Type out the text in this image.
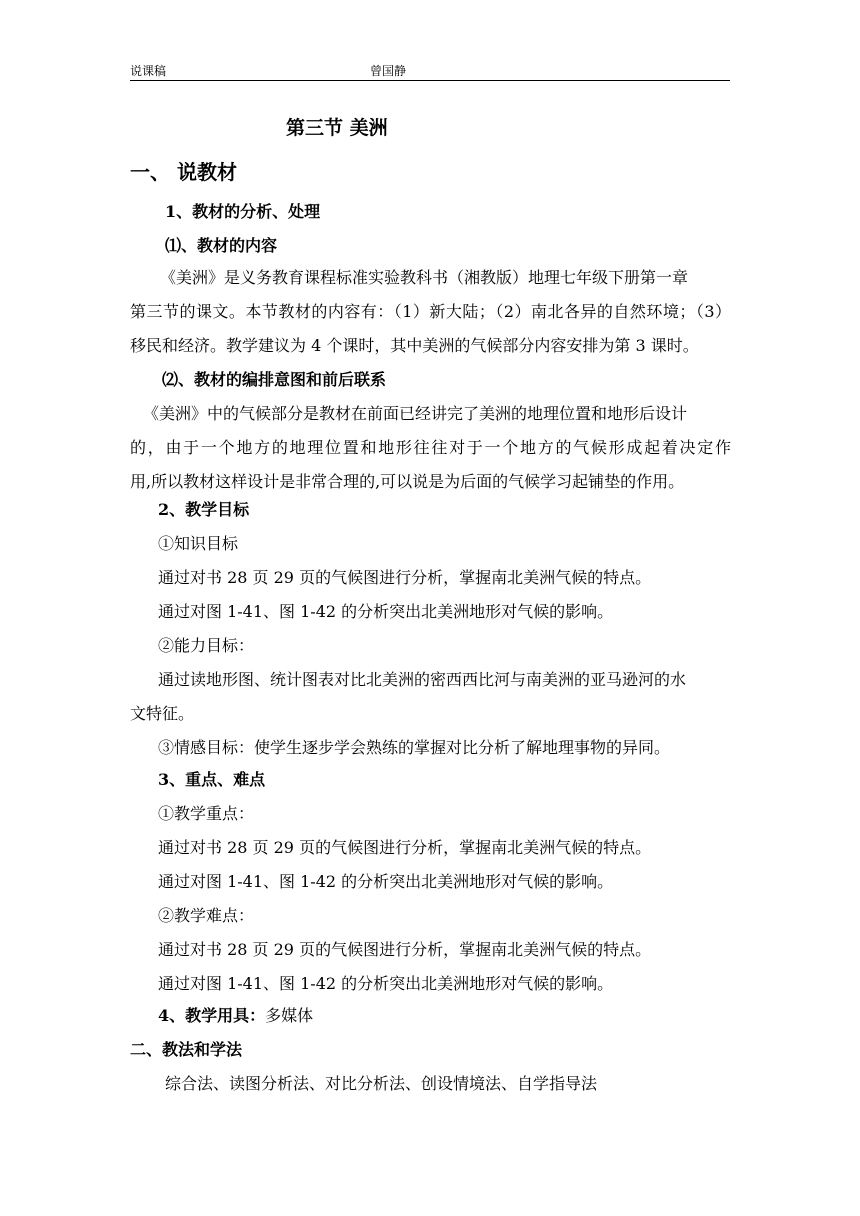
说课稿	曾国静
第三节 美洲
一、 说教材
1、教材的分析、处理
⑴、教材的内容
《美洲》是义务教育课程标准实验教科书（湘教版）地理七年级下册第一章
第三节的课文。本节教材的内容有：（1）新大陆；（2）南北各异的自然环境；（3）
移民和经济。教学建议为 4 个课时，其中美洲的气候部分内容安排为第 3 课时。
⑵、教材的编排意图和前后联系
《美洲》中的气候部分是教材在前面已经讲完了美洲的地理位置和地形后设计
的，由于一个地方的地理位置和地形往往对于一个地方的气候形成起着决定作
用,所以教材这样设计是非常合理的,可以说是为后面的气候学习起铺垫的作用。
2、教学目标
①知识目标
通过对书 28 页 29 页的气候图进行分析，掌握南北美洲气候的特点。
通过对图 1-41、图 1-42 的分析突出北美洲地形对气候的影响。
②能力目标：
通过读地形图、统计图表对比北美洲的密西西比河与南美洲的亚马逊河的水
文特征。
③情感目标：使学生逐步学会熟练的掌握对比分析了解地理事物的异同。
3、重点、难点
①教学重点：
通过对书 28 页 29 页的气候图进行分析，掌握南北美洲气候的特点。
通过对图 1-41、图 1-42 的分析突出北美洲地形对气候的影响。
②教学难点：
通过对书 28 页 29 页的气候图进行分析，掌握南北美洲气候的特点。
通过对图 1-41、图 1-42 的分析突出北美洲地形对气候的影响。
4、教学用具：多媒体
二、教法和学法
综合法、读图分析法、对比分析法、创设情境法、自学指导法
